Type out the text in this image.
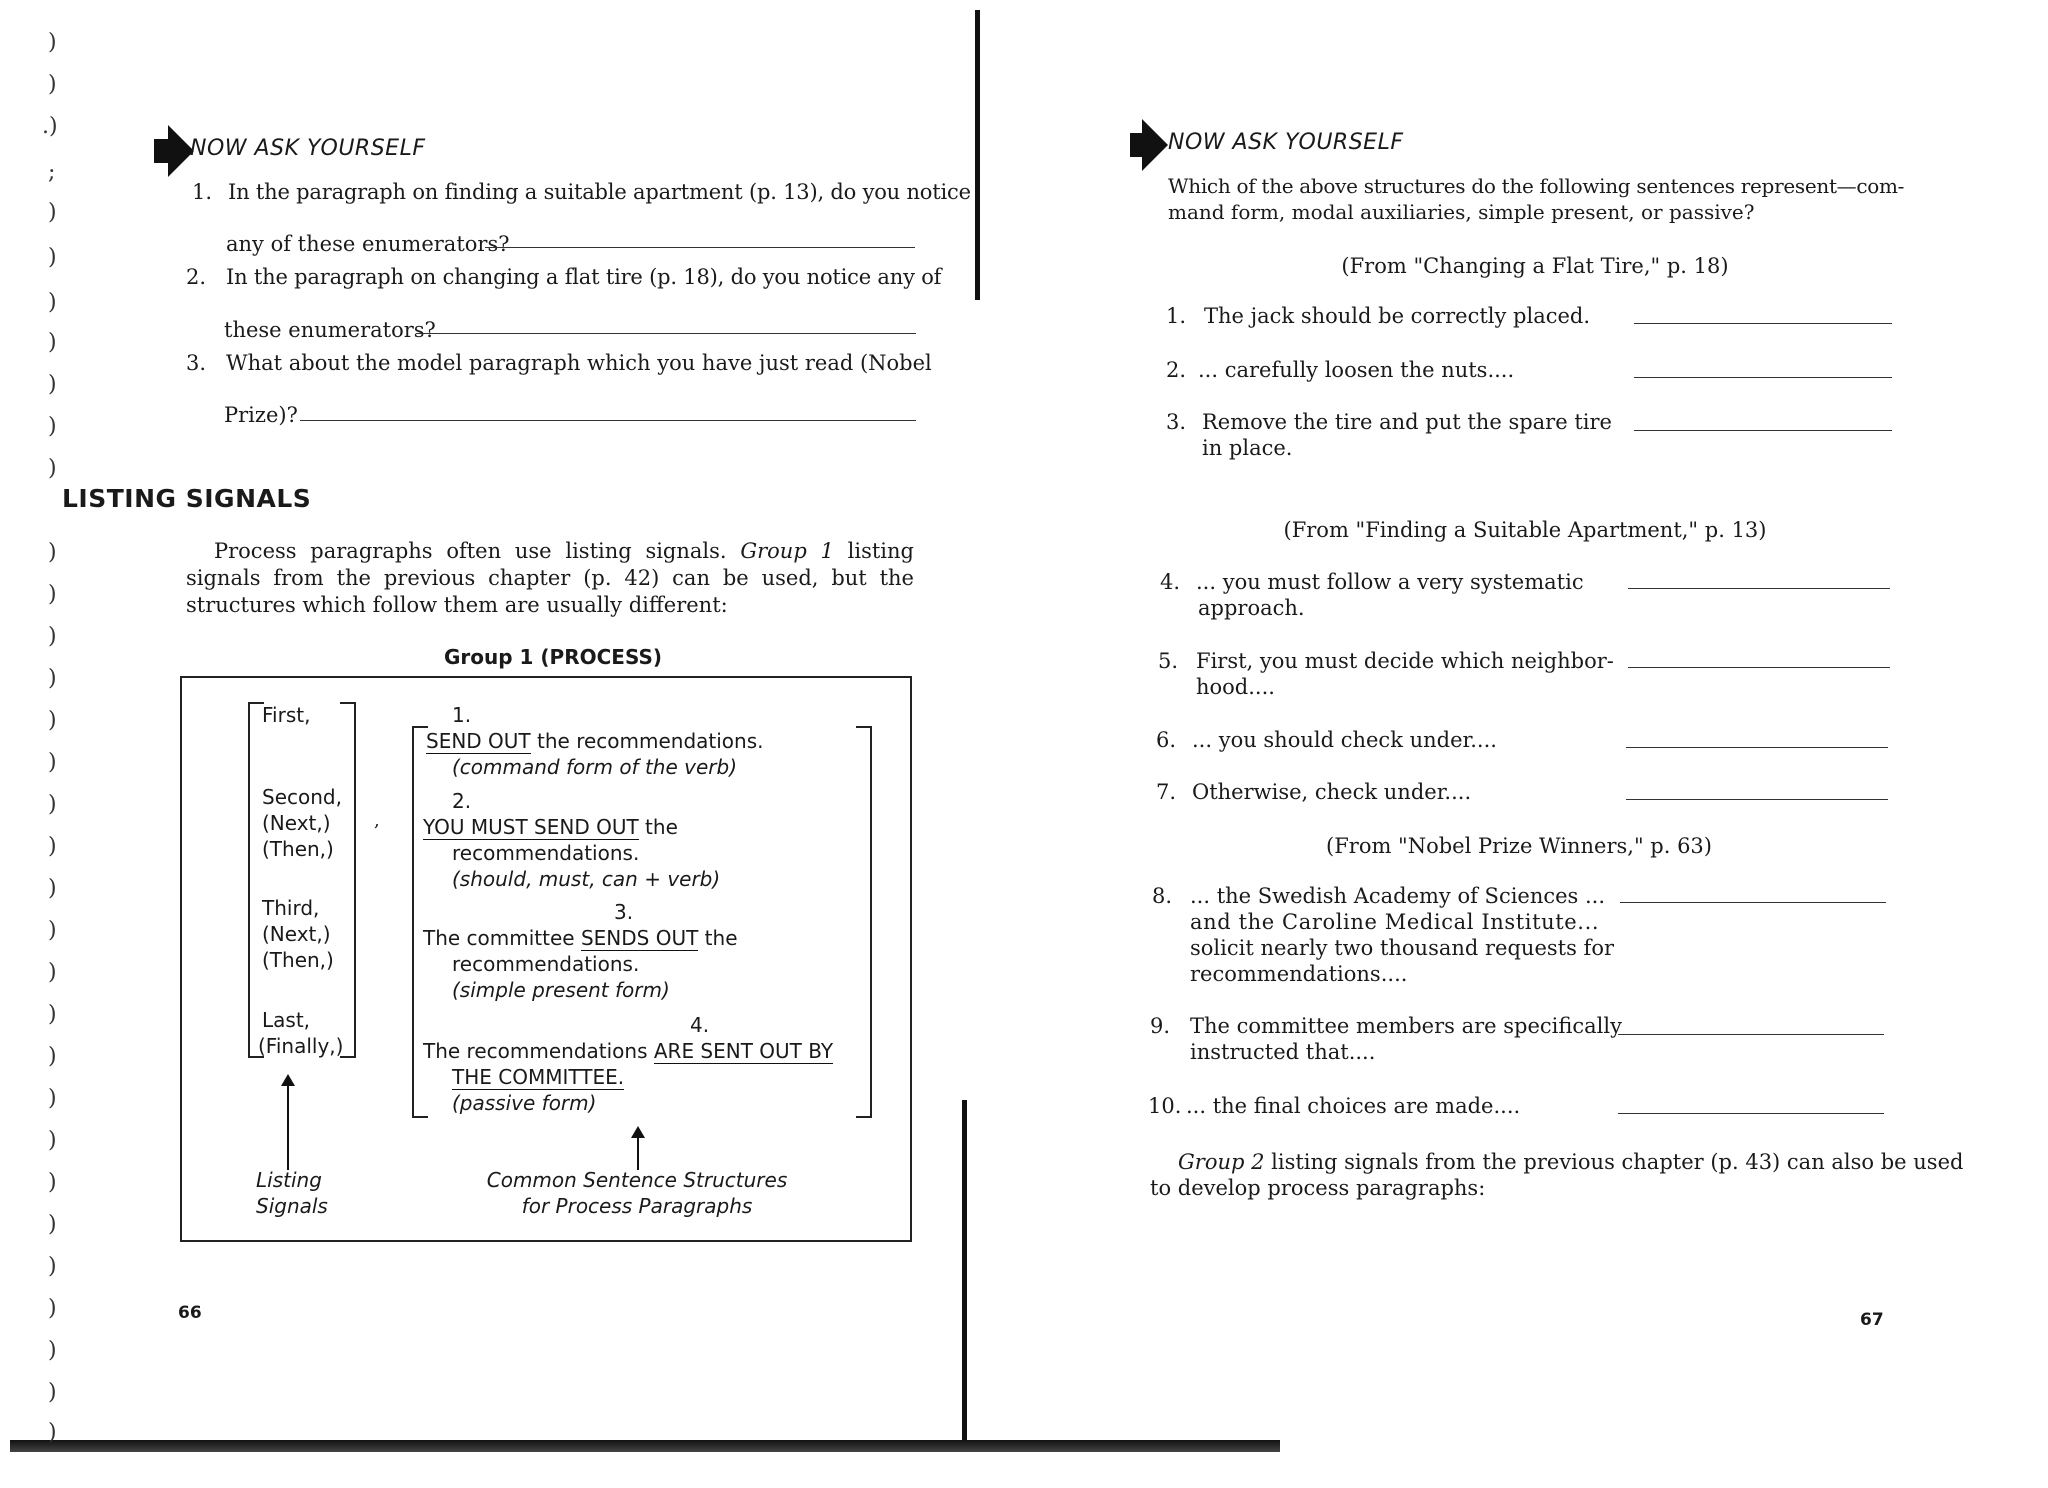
)
)
.)
;
)
)
)
)
)
)
)
)
)
)
)
)
)
)
)
)
)
)
)
)
)
)
)
)
)
)
)
)
)
NOW ASK YOURSELF
1. In the paragraph on finding a suitable apartment (p. 13), do you notice
any of these enumerators?
2. In the paragraph on changing a flat tire (p. 18), do you notice any of
these enumerators?
3. What about the model paragraph which you have just read (Nobel
Prize)?
LISTING SIGNALS
Process paragraphs often use listing signals. Group 1 listing signals from the previous chapter (p. 42) can be used, but the structures which follow them are usually different:
Group 1 (PROCESS)
First,
Second,
(Next,)
(Then,)
Third,
(Next,)
(Then,)
Last,
(Finally,)
,
1.
SEND OUT the recommendations.
(command form of the verb)
2.
YOU MUST SEND OUT the
recommendations.
(should, must, can + verb)
3.
The committee SENDS OUT the
recommendations.
(simple present form)
4.
The recommendations ARE SENT OUT BY
THE COMMITTEE.
(passive form)
Listing
Signals
Common Sentence Structures
for Process Paragraphs
66
NOW ASK YOURSELF
Which of the above structures do the following sentences represent—com-
mand form, modal auxiliaries, simple present, or passive?
(From "Changing a Flat Tire," p. 18)
1. The jack should be correctly placed.
2. ... carefully loosen the nuts....
3. Remove the tire and put the spare tire
in place.
(From "Finding a Suitable Apartment," p. 13)
4. ... you must follow a very systematic
approach.
5. First, you must decide which neighbor-
hood....
6. ... you should check under....
7. Otherwise, check under....
(From "Nobel Prize Winners," p. 63)
8. ... the Swedish Academy of Sciences ...
and the Caroline Medical Institute...
solicit nearly two thousand requests for
recommendations....
9. The committee members are specifically
instructed that....
10. ... the final choices are made....
Group 2 listing signals from the previous chapter (p. 43) can also be used
to develop process paragraphs:
67
